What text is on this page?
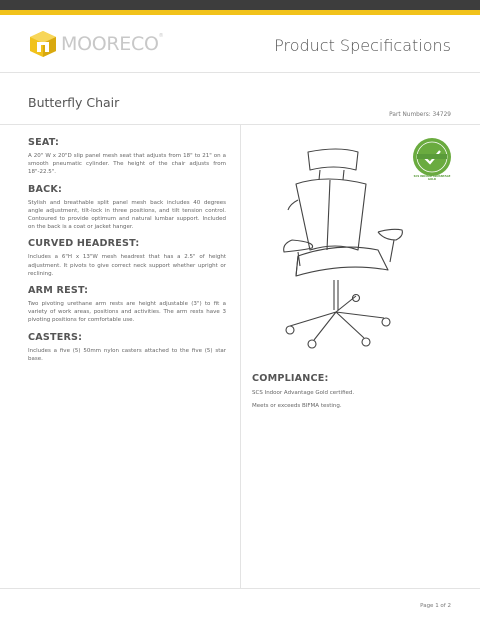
MOORECO®	Product Specifications
Butterfly Chair
Part Numbers: 34729
SEAT:

A 20" W x 20"D slip panel mesh seat that adjusts from 18" to 21" on a smooth pneumatic cylinder. The height of the chair adjusts from 18"-22.5".

BACK:

Stylish and breathable split panel mesh back includes 40 degrees angle adjustment, tilt-lock in three positions, and tilt tension control. Contoured to provide optimum and natural lumbar support. Included on the back is a coat or jacket hanger.

CURVED HEADREST:

Includes a 6"H x 13"W mesh headrest that has a 2.5" of height adjustment. It pivots to give correct neck support whether upright or reclining.

ARM REST:

Two pivoting urethane arm rests are height adjustable (3") to fit a variety of work areas, positions and activities. The arm rests have 3 pivoting positions for comfortable use.

CASTERS:

Includes a five (5) 50mm nylon casters attached to the five (5) star base.

SCS INDOOR ADVANTAGE GOLD
COMPLIANCE:

SCS Indoor Advantage Gold certified.

Meets or exceeds BIFMA testing.

Page 1 of 2
